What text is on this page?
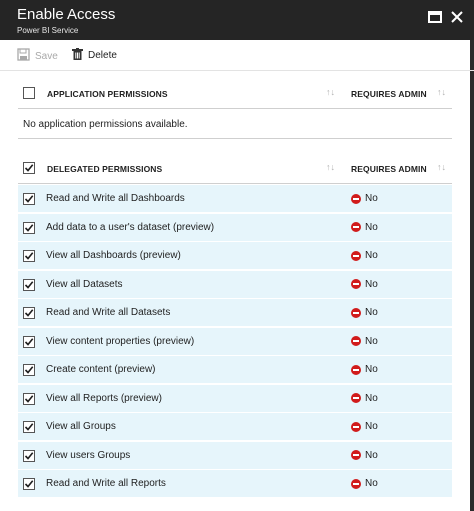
Enable Access
Power BI Service
Save	Delete
APPLICATION PERMISSIONS	↑↓ REQUIRES ADMIN ↑↓
No application permissions available.
DELEGATED PERMISSIONS	↑↓ REQUIRES ADMIN ↑↓
Read and Write all Dashboards	No
Add data to a user's dataset (preview)	No
View all Dashboards (preview)	No
View all Datasets	No
Read and Write all Datasets	No
View content properties (preview)	No
Create content (preview)	No
View all Reports (preview)	No
View all Groups	No
View users Groups	No
Read and Write all Reports	No
